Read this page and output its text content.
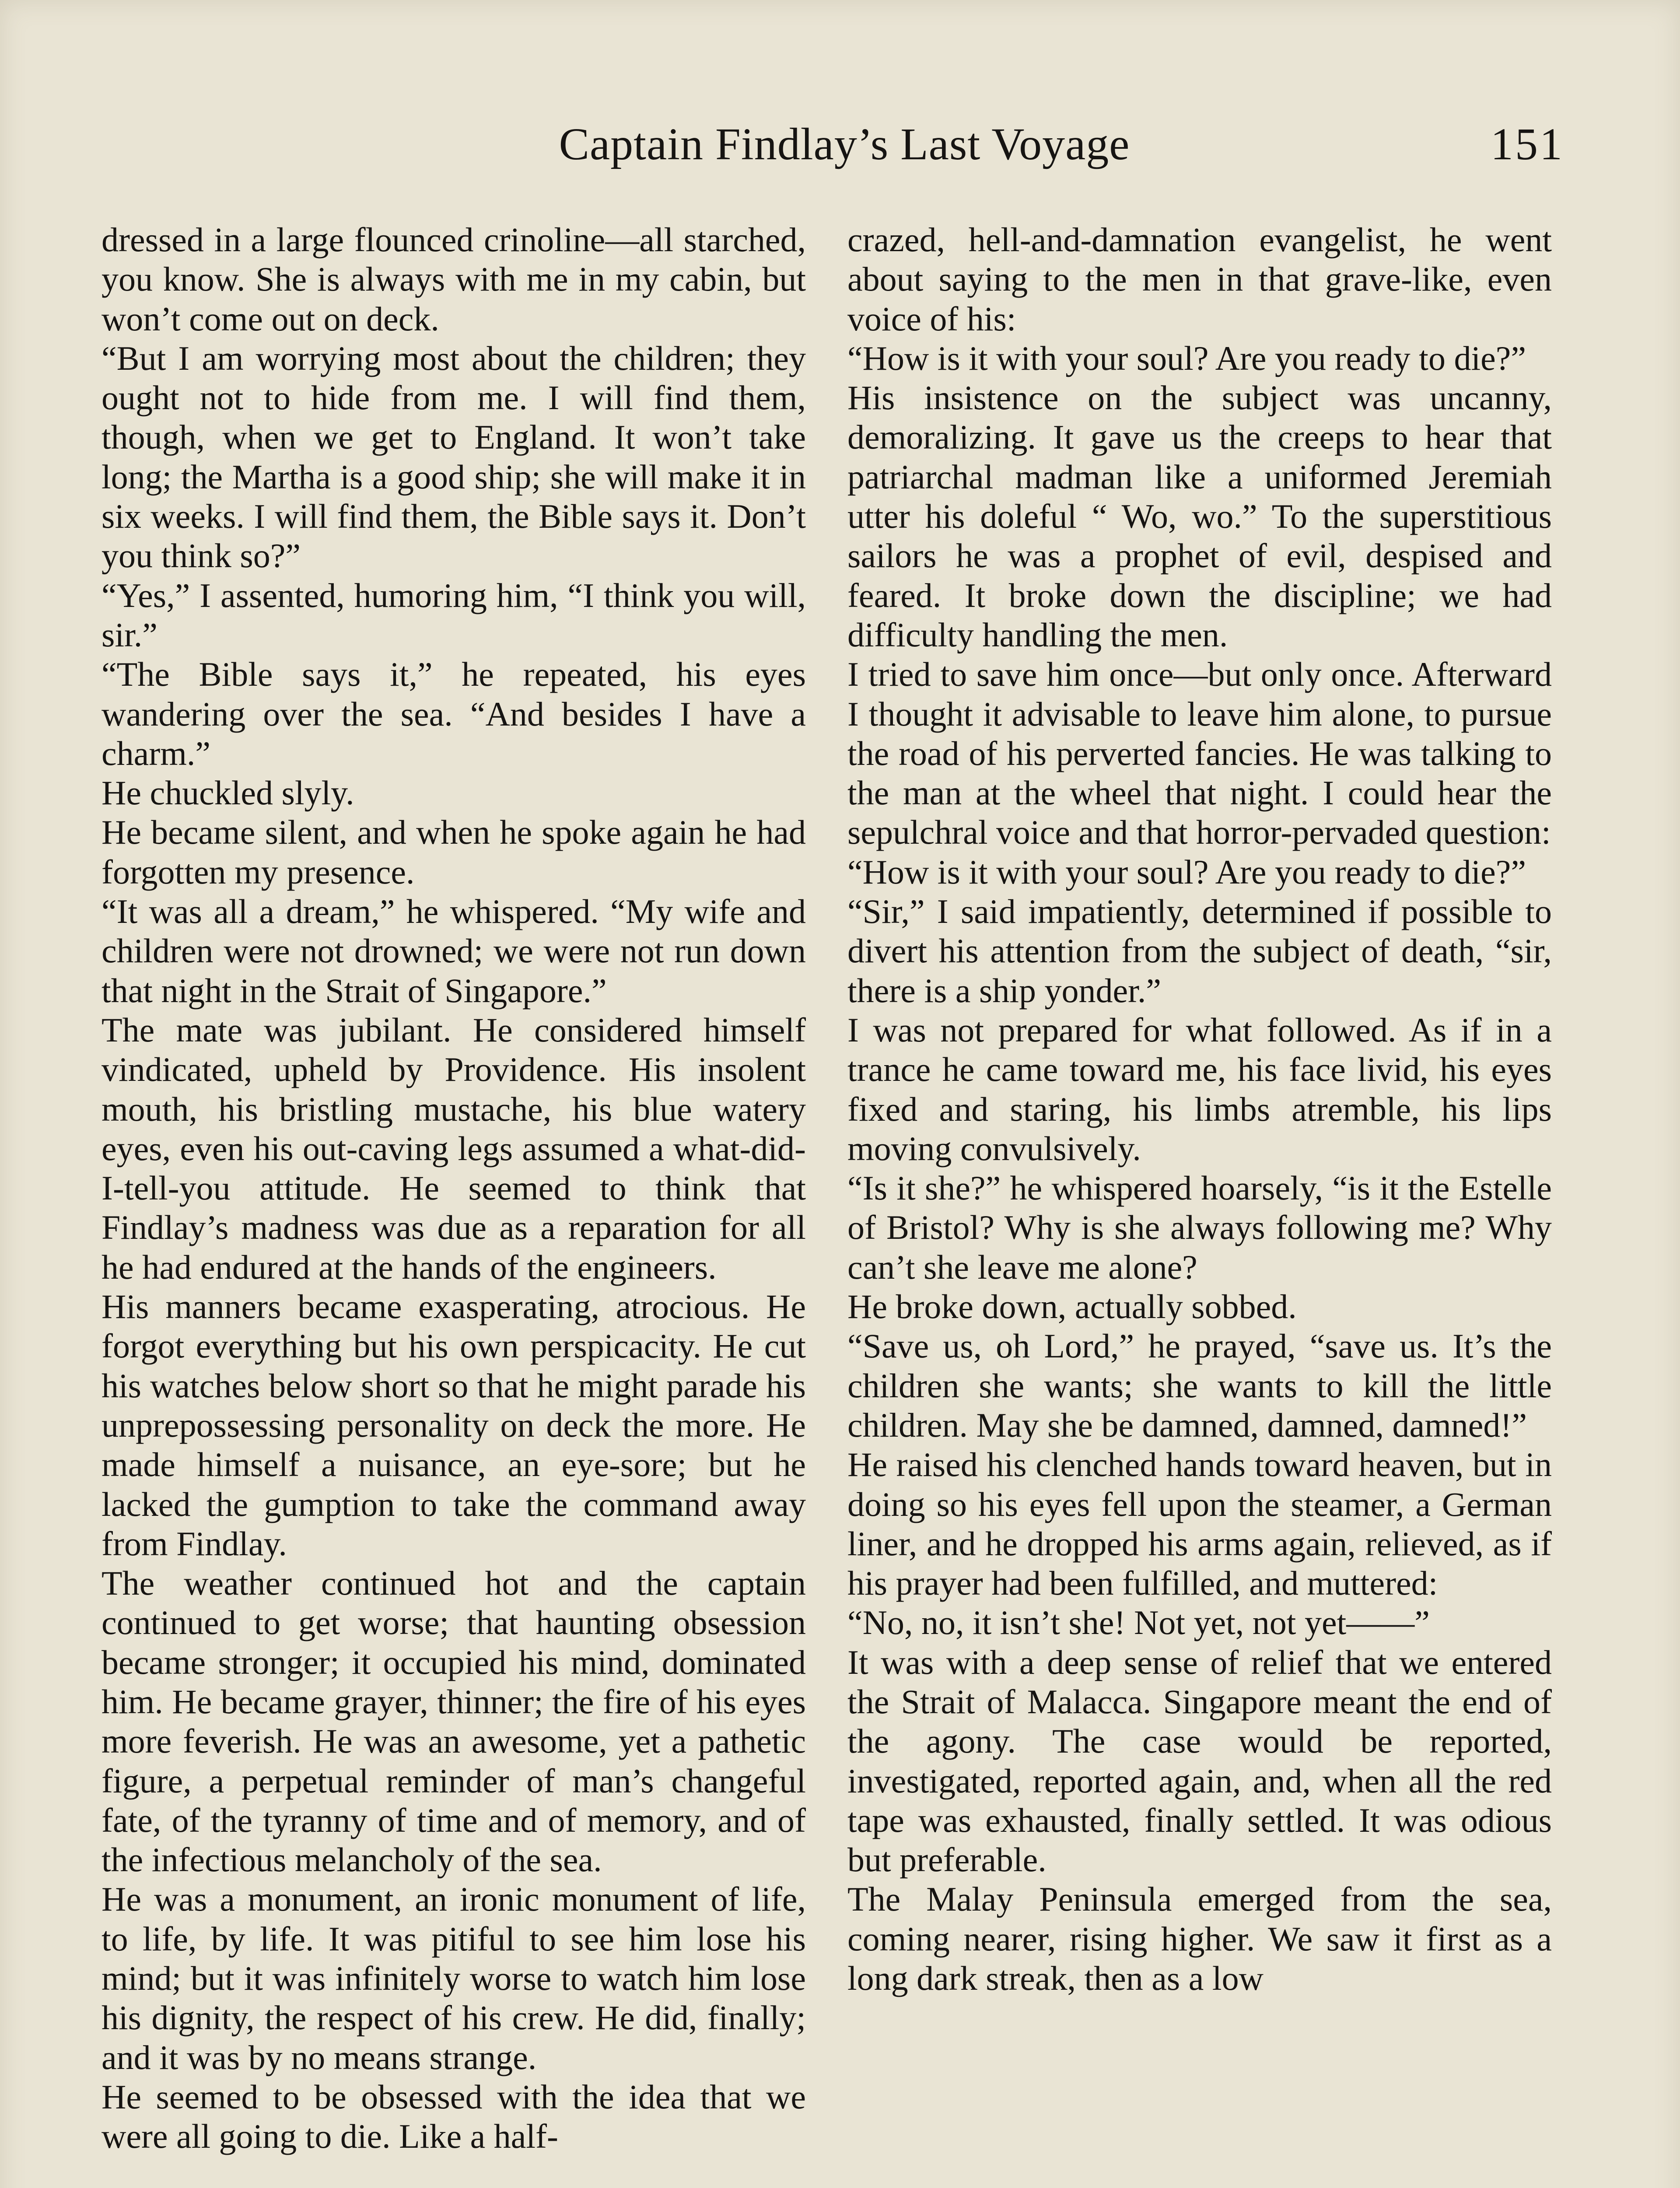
Captain Findlay’s Last Voyage	151

dressed in a large flounced crinoline—all starched, you know. She is always with me in my cabin, but won’t come out on deck.

“But I am worrying most about the children; they ought not to hide from me. I will find them, though, when we get to England. It won’t take long; the Martha is a good ship; she will make it in six weeks. I will find them, the Bible says it. Don’t you think so?”

“Yes,” I assented, humoring him, “I think you will, sir.”

“The Bible says it,” he repeated, his eyes wandering over the sea. “And besides I have a charm.”

He chuckled slyly.

He became silent, and when he spoke again he had forgotten my presence.

“It was all a dream,” he whispered. “My wife and children were not drowned; we were not run down that night in the Strait of Singapore.”

The mate was jubilant. He considered himself vindicated, upheld by Providence. His insolent mouth, his bristling mustache, his blue watery eyes, even his out-caving legs assumed a what-did-I-tell-you attitude. He seemed to think that Findlay’s madness was due as a reparation for all he had endured at the hands of the engineers.

His manners became exasperating, atrocious. He forgot everything but his own perspicacity. He cut his watches below short so that he might parade his unprepossessing personality on deck the more. He made himself a nuisance, an eye-sore; but he lacked the gumption to take the command away from Findlay.

The weather continued hot and the captain continued to get worse; that haunting obsession became stronger; it occupied his mind, dominated him. He became grayer, thinner; the fire of his eyes more feverish. He was an awesome, yet a pathetic figure, a perpetual reminder of man’s changeful fate, of the tyranny of time and of memory, and of the infectious melancholy of the sea.

He was a monument, an ironic monument of life, to life, by life. It was pitiful to see him lose his mind; but it was infinitely worse to watch him lose his dignity, the respect of his crew. He did, finally; and it was by no means strange.

He seemed to be obsessed with the idea that we were all going to die. Like a half-

crazed, hell-and-damnation evangelist, he went about saying to the men in that grave-like, even voice of his:

“How is it with your soul? Are you ready to die?”

His insistence on the subject was uncanny, demoralizing. It gave us the creeps to hear that patriarchal madman like a uniformed Jeremiah utter his doleful “ Wo, wo.” To the superstitious sailors he was a prophet of evil, despised and feared. It broke down the discipline; we had difficulty handling the men.

I tried to save him once—but only once. Afterward I thought it advisable to leave him alone, to pursue the road of his perverted fancies. He was talking to the man at the wheel that night. I could hear the sepulchral voice and that horror-pervaded question:

“How is it with your soul? Are you ready to die?”

“Sir,” I said impatiently, determined if possible to divert his attention from the subject of death, “sir, there is a ship yonder.”

I was not prepared for what followed. As if in a trance he came toward me, his face livid, his eyes fixed and staring, his limbs atremble, his lips moving convulsively.

“Is it she?” he whispered hoarsely, “is it the Estelle of Bristol? Why is she always following me? Why can’t she leave me alone?

He broke down, actually sobbed.

“Save us, oh Lord,” he prayed, “save us. It’s the children she wants; she wants to kill the little children. May she be damned, damned, damned!”

He raised his clenched hands toward heaven, but in doing so his eyes fell upon the steamer, a German liner, and he dropped his arms again, relieved, as if his prayer had been fulfilled, and muttered:

“No, no, it isn’t she! Not yet, not yet——”

It was with a deep sense of relief that we entered the Strait of Malacca. Singapore meant the end of the agony. The case would be reported, investigated, reported again, and, when all the red tape was exhausted, finally settled. It was odious but preferable.

The Malay Peninsula emerged from the sea, coming nearer, rising higher. We saw it first as a long dark streak, then as a low
